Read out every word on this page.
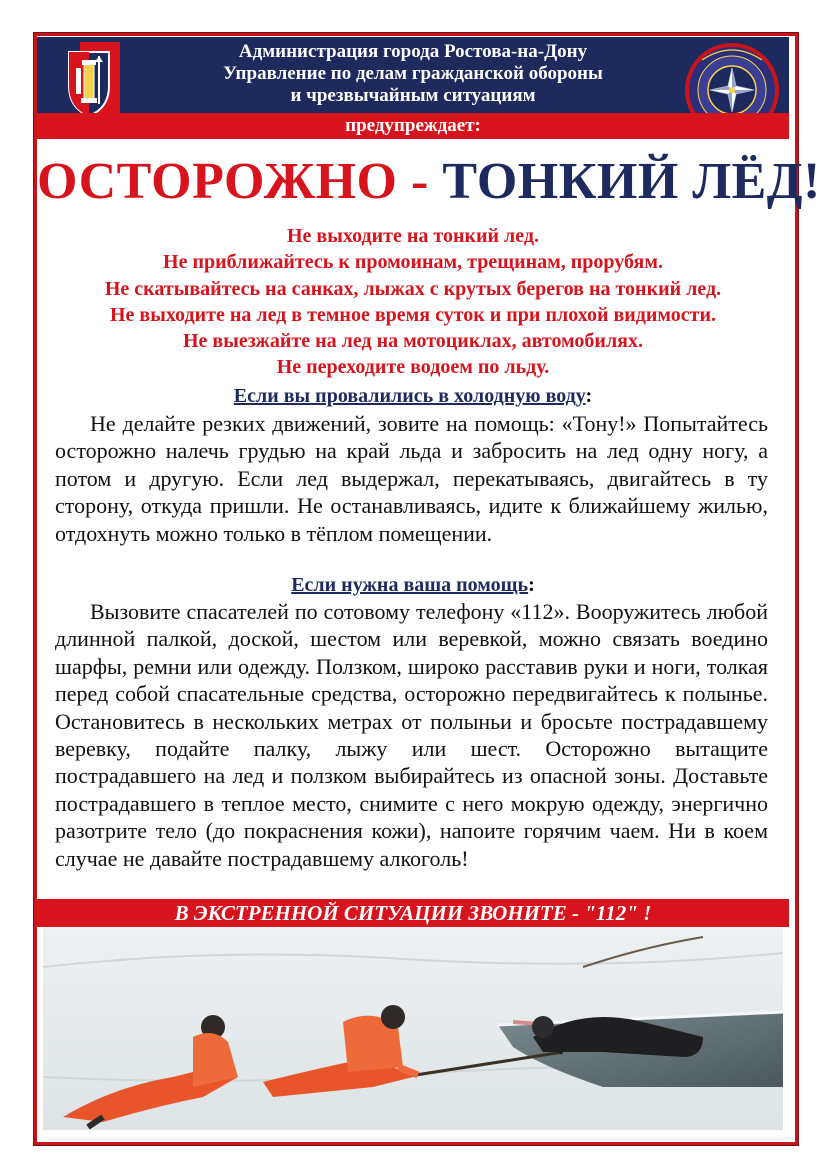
Администрация города Ростова-на-Дону
Управление по делам гражданской обороны
и чрезвычайным ситуациям
предупреждает:
ОСТОРОЖНО - ТОНКИЙ ЛЁД!
Не выходите на тонкий лед.
Не приближайтесь к промоинам, трещинам, прорубям.
Не скатывайтесь на санках, лыжах с крутых берегов на тонкий лед.
Не выходите на лед в темное время суток и при плохой видимости.
Не выезжайте на лед на мотоциклах, автомобилях.
Не переходите водоем по льду.
Если вы провалились в холодную воду:

Не делайте резких движений, зовите на помощь: «Тону!» Попытайтесь осторожно налечь грудью на край льда и забросить на лед одну ногу, а потом и другую. Если лед выдержал, перекатываясь, двигайтесь в ту сторону, откуда пришли. Не останавливаясь, идите к ближайшему жилью, отдохнуть можно только в тёплом помещении.

Если нужна ваша помощь:

Вызовите спасателей по сотовому телефону «112». Вооружитесь любой длинной палкой, доской, шестом или веревкой, можно связать воедино шарфы, ремни или одежду. Ползком, широко расставив руки и ноги, толкая перед собой спасательные средства, осторожно передвигайтесь к полынье. Остановитесь в нескольких метрах от полыньи и бросьте пострадавшему веревку, подайте палку, лыжу или шест. Осторожно вытащите пострадавшего на лед и ползком выбирайтесь из опасной зоны. Доставьте пострадавшего в теплое место, снимите с него мокрую одежду, энергично разотрите тело (до покраснения кожи), напоите горячим чаем. Ни в коем случае не давайте пострадавшему алкоголь!

В ЭКСТРЕННОЙ СИТУАЦИИ ЗВОНИТЕ - "112" !
